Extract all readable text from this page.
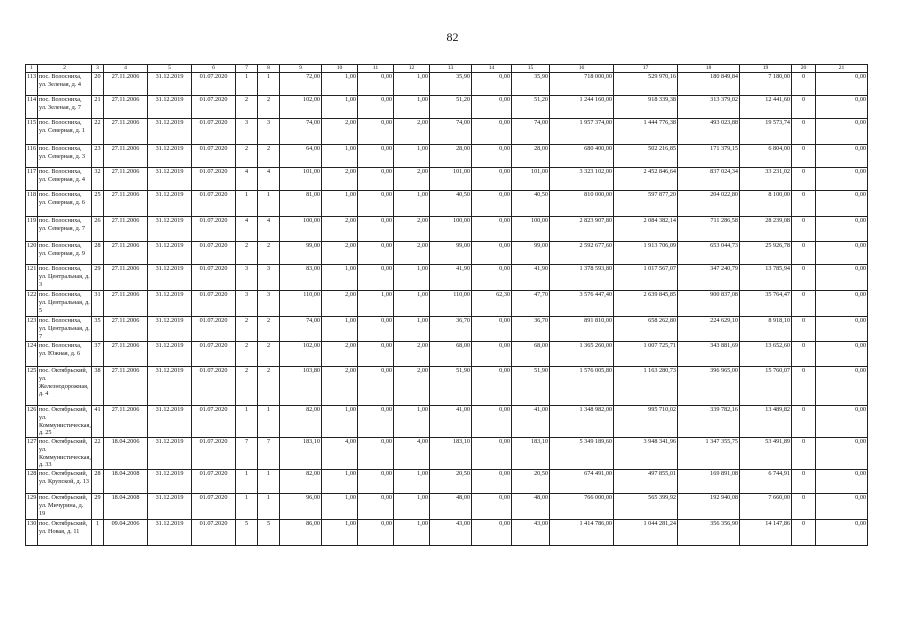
82
1	2	3	4	5	6	7	8	9	10	11	12	13	14	15	16	17	18	19	20	21
113	пос. Волосниха, ул. Зеленая, д. 4	20	27.11.2006	31.12.2019	01.07.2020	1	1	72,00	1,00	0,00	1,00	35,90	0,00	35,90	718 000,00	529 970,16	180 849,84	7 180,00	0	0,00
114	пос. Волосниха, ул. Зеленая, д. 7	21	27.11.2006	31.12.2019	01.07.2020	2	2	102,00	1,00	0,00	1,00	51,20	0,00	51,20	1 244 160,00	918 339,38	313 379,02	12 441,60	0	0,00
115	пос. Волосниха, ул. Северная, д. 1	22	27.11.2006	31.12.2019	01.07.2020	3	3	74,00	2,00	0,00	2,00	74,00	0,00	74,00	1 957 374,00	1 444 776,38	493 023,88	19 573,74	0	0,00
116	пос. Волосниха, ул. Северная, д. 3	23	27.11.2006	31.12.2019	01.07.2020	2	2	64,00	1,00	0,00	1,00	28,00	0,00	28,00	680 400,00	502 216,85	171 379,15	6 804,00	0	0,00
117	пос. Волосниха, ул. Северная, д. 4	32	27.11.2006	31.12.2019	01.07.2020	4	4	101,00	2,00	0,00	2,00	101,00	0,00	101,00	3 323 102,00	2 452 846,64	837 024,34	33 231,02	0	0,00
118	пос. Волосниха, ул. Северная, д. 6	25	27.11.2006	31.12.2019	01.07.2020	1	1	81,00	1,00	0,00	1,00	40,50	0,00	40,50	810 000,00	597 877,20	204 022,80	8 100,00	0	0,00
119	пос. Волосниха, ул. Северная, д. 7	26	27.11.2006	31.12.2019	01.07.2020	4	4	100,00	2,00	0,00	2,00	100,00	0,00	100,00	2 823 907,80	2 084 382,14	711 286,58	28 239,08	0	0,00
120	пос. Волосниха, ул. Северная, д. 9	28	27.11.2006	31.12.2019	01.07.2020	2	2	99,00	2,00	0,00	2,00	99,00	0,00	99,00	2 592 677,60	1 913 706,09	653 044,73	25 926,78	0	0,00
121	пос. Волосниха, ул. Центральная, д. 3	29	27.11.2006	31.12.2019	01.07.2020	3	3	83,00	1,00	0,00	1,00	41,90	0,00	41,90	1 378 593,80	1 017 567,07	347 240,79	13 785,94	0	0,00
122	пос. Волосниха, ул. Центральная, д. 5	31	27.11.2006	31.12.2019	01.07.2020	3	3	110,00	2,00	1,00	1,00	110,00	62,30	47,70	3 576 447,40	2 639 845,85	900 837,08	35 764,47	0	0,00
123	пос. Волосниха, ул. Центральная, д. 7	35	27.11.2006	31.12.2019	01.07.2020	2	2	74,00	1,00	0,00	1,00	36,70	0,00	36,70	891 810,00	658 262,80	224 629,10	8 918,10	0	0,00
124	пос. Волосниха, ул. Южная, д. 6	37	27.11.2006	31.12.2019	01.07.2020	2	2	102,00	2,00	0,00	2,00	68,00	0,00	68,00	1 365 260,00	1 007 725,71	343 881,69	13 652,60	0	0,00
125	пос. Октябрьский, ул. Железнодорожная, д. 4	38	27.11.2006	31.12.2019	01.07.2020	2	2	103,80	2,00	0,00	2,00	51,90	0,00	51,90	1 576 005,80	1 163 280,73	396 965,00	15 760,07	0	0,00
126	пос. Октябрьский, ул. Коммунистическая, д. 25	41	27.11.2006	31.12.2019	01.07.2020	1	1	82,00	1,00	0,00	1,00	41,00	0,00	41,00	1 348 982,00	995 710,02	339 782,16	13 489,82	0	0,00
127	пос. Октябрьский, ул. Коммунистическая, д. 33	22	18.04.2006	31.12.2019	01.07.2020	7	7	183,10	4,00	0,00	4,00	183,10	0,00	183,10	5 349 189,60	3 948 341,96	1 347 355,75	53 491,89	0	0,00
128	пос. Октябрьский, ул. Крупской, д. 13	28	18.04.2008	31.12.2019	01.07.2020	1	1	82,00	1,00	0,00	1,00	20,50	0,00	20,50	674 491,00	497 855,01	169 891,08	6 744,91	0	0,00
129	пос. Октябрьский, ул. Мичурина, д. 19	29	18.04.2008	31.12.2019	01.07.2020	1	1	96,00	1,00	0,00	1,00	48,00	0,00	48,00	766 000,00	565 399,92	192 940,08	7 660,00	0	0,00
130	пос. Октябрьский, ул. Новая, д. 11	1	09.04.2006	31.12.2019	01.07.2020	5	5	86,00	1,00	0,00	1,00	43,00	0,00	43,00	1 414 786,00	1 044 281,24	356 356,90	14 147,86	0	0,00
